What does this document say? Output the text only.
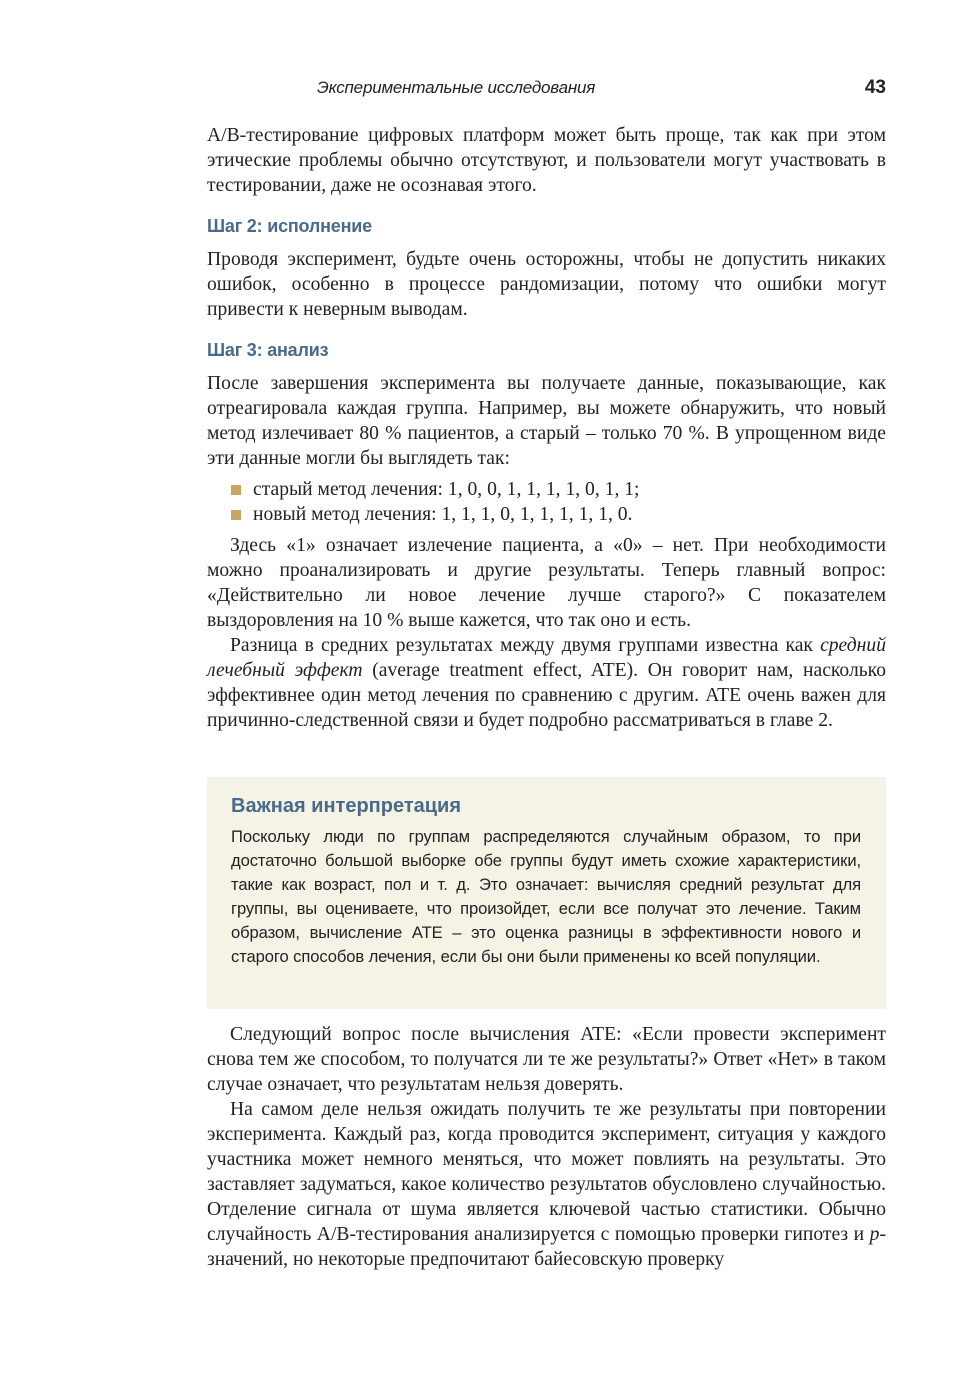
Экспериментальные исследования	43

A/B-тестирование цифровых платформ может быть проще, так как при этом этические проблемы обычно отсутствуют, и пользователи могут участвовать в тестировании, даже не осознавая этого.

Шаг 2: исполнение

Проводя эксперимент, будьте очень осторожны, чтобы не допустить никаких ошибок, особенно в процессе рандомизации, потому что ошибки могут привести к неверным выводам.

Шаг 3: анализ

После завершения эксперимента вы получаете данные, показывающие, как отреагировала каждая группа. Например, вы можете обнаружить, что новый метод излечивает 80 % пациентов, а старый – только 70 %. В упрощенном виде эти данные могли бы выглядеть так:

старый метод лечения: 1, 0, 0, 1, 1, 1, 1, 0, 1, 1;
новый метод лечения: 1, 1, 1, 0, 1, 1, 1, 1, 1, 0.

Здесь «1» означает излечение пациента, а «0» – нет. При необходимости можно проанализировать и другие результаты. Теперь главный вопрос: «Действительно ли новое лечение лучше старого?» С показателем выздоровления на 10 % выше кажется, что так оно и есть.

Разница в средних результатах между двумя группами известна как средний лечебный эффект (average treatment effect, ATE). Он говорит нам, насколько эффективнее один метод лечения по сравнению с другим. ATE очень важен для причинно-следственной связи и будет подробно рассматриваться в главе 2.

Важная интерпретация

Поскольку люди по группам распределяются случайным образом, то при достаточно большой выборке обе группы будут иметь схожие характеристики, такие как возраст, пол и т. д. Это означает: вычисляя средний результат для группы, вы оцениваете, что произойдет, если все получат это лечение. Таким образом, вычисление ATE – это оценка разницы в эффективности нового и старого способов лечения, если бы они были применены ко всей популяции.

Следующий вопрос после вычисления ATE: «Если провести эксперимент снова тем же способом, то получатся ли те же результаты?» Ответ «Нет» в таком случае означает, что результатам нельзя доверять.

На самом деле нельзя ожидать получить те же результаты при повторении эксперимента. Каждый раз, когда проводится эксперимент, ситуация у каждого участника может немного меняться, что может повлиять на результаты. Это заставляет задуматься, какое количество результатов обусловлено случайностью. Отделение сигнала от шума является ключевой частью статистики. Обычно случайность A/B-тестирования анализируется с помощью проверки гипотез и p-значений, но некоторые предпочитают байесовскую проверку
